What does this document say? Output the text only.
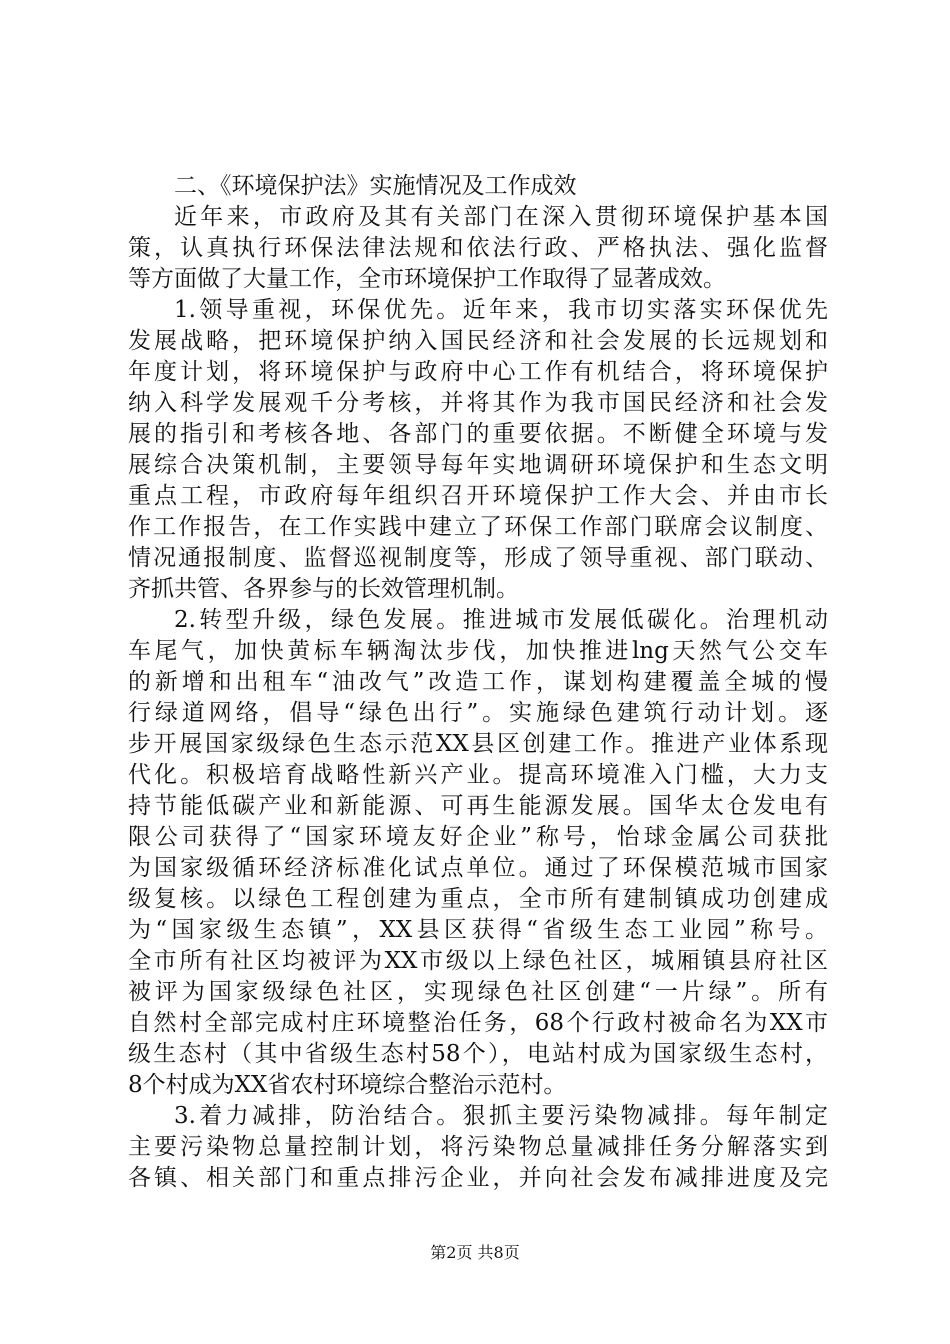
二、《环境保护法》实施情况及工作成效
近年来，市政府及其有关部门在深入贯彻环境保护基本国
策，认真执行环保法律法规和依法行政、严格执法、强化监督
等方面做了大量工作，全市环境保护工作取得了显著成效。
1.领导重视，环保优先。近年来，我市切实落实环保优先
发展战略，把环境保护纳入国民经济和社会发展的长远规划和
年度计划，将环境保护与政府中心工作有机结合，将环境保护
纳入科学发展观千分考核，并将其作为我市国民经济和社会发
展的指引和考核各地、各部门的重要依据。不断健全环境与发
展综合决策机制，主要领导每年实地调研环境保护和生态文明
重点工程，市政府每年组织召开环境保护工作大会、并由市长
作工作报告，在工作实践中建立了环保工作部门联席会议制度、
情况通报制度、监督巡视制度等，形成了领导重视、部门联动、
齐抓共管、各界参与的长效管理机制。
2.转型升级，绿色发展。推进城市发展低碳化。治理机动
车尾气，加快黄标车辆淘汰步伐，加快推进lng天然气公交车
的新增和出租车“油改气”改造工作，谋划构建覆盖全城的慢
行绿道网络，倡导“绿色出行”。实施绿色建筑行动计划。逐
步开展国家级绿色生态示范XX县区创建工作。推进产业体系现
代化。积极培育战略性新兴产业。提高环境准入门槛，大力支
持节能低碳产业和新能源、可再生能源发展。国华太仓发电有
限公司获得了“国家环境友好企业”称号，怡球金属公司获批
为国家级循环经济标准化试点单位。通过了环保模范城市国家
级复核。以绿色工程创建为重点，全市所有建制镇成功创建成
为“国家级生态镇”，XX县区获得“省级生态工业园”称号。
全市所有社区均被评为XX市级以上绿色社区，城厢镇县府社区
被评为国家级绿色社区，实现绿色社区创建“一片绿”。所有
自然村全部完成村庄环境整治任务，68个行政村被命名为XX市
级生态村（其中省级生态村58个），电站村成为国家级生态村，
8个村成为XX省农村环境综合整治示范村。
3.着力减排，防治结合。狠抓主要污染物减排。每年制定
主要污染物总量控制计划，将污染物总量减排任务分解落实到
各镇、相关部门和重点排污企业，并向社会发布减排进度及完
第2页 共8页
